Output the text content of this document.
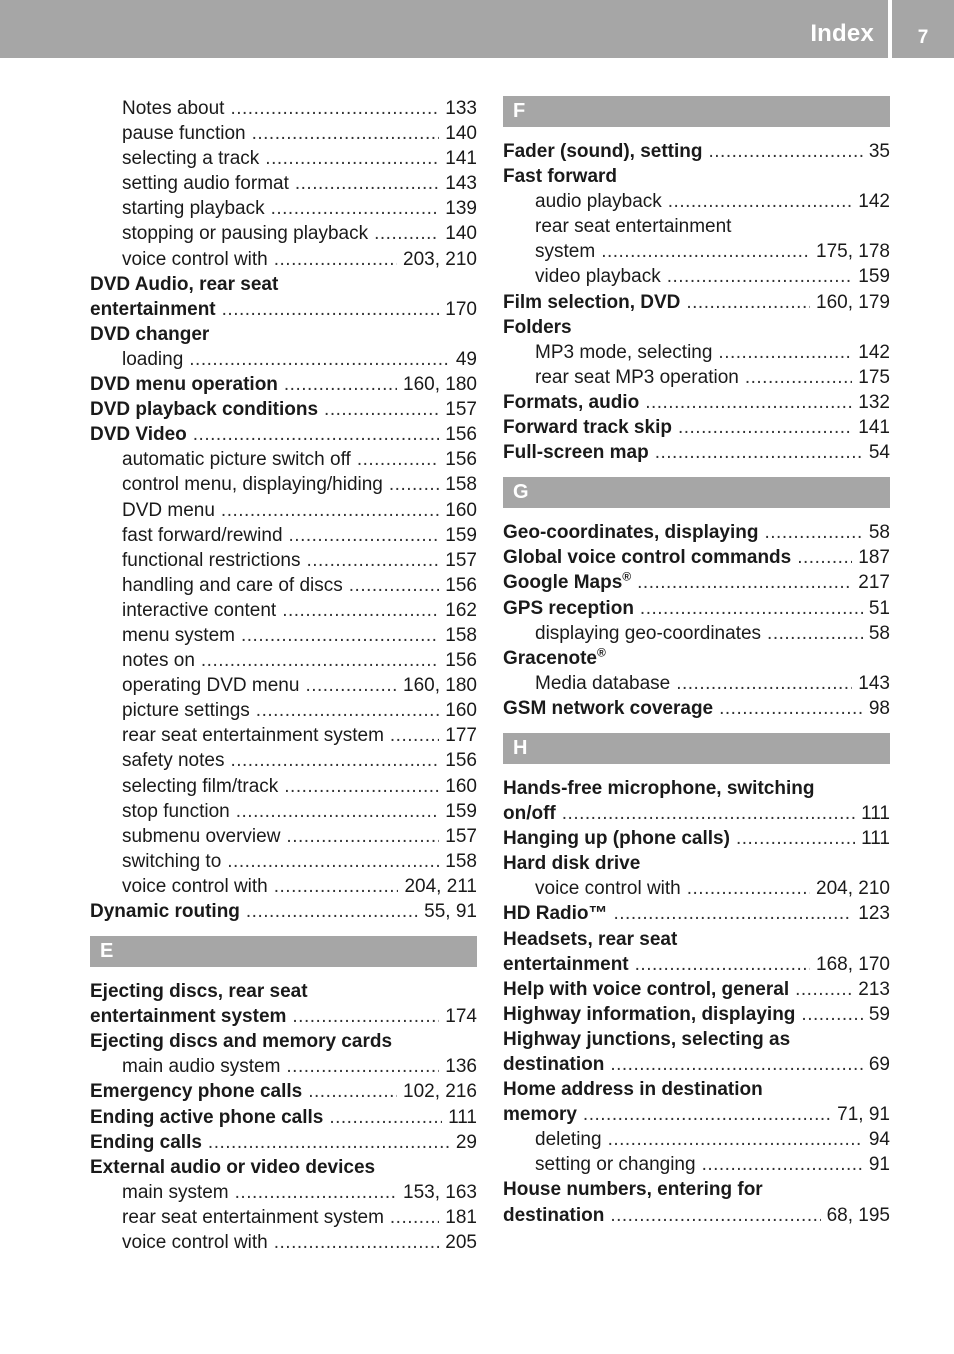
Index	7
Notes about .....	133
pause function .....	140
selecting a track .....	141
setting audio format .....	143
starting playback .....	139
stopping or pausing playback .....	140
voice control with .....	203, 210
DVD Audio, rear seat
entertainment .....	170
DVD changer
loading .....	49
DVD menu operation .....	160, 180
DVD playback conditions .....	157
DVD Video .....	156
automatic picture switch off .....	156
control menu, displaying/hiding .....	158
DVD menu .....	160
fast forward/rewind .....	159
functional restrictions .....	157
handling and care of discs .....	156
interactive content .....	162
menu system .....	158
notes on .....	156
operating DVD menu .....	160, 180
picture settings .....	160
rear seat entertainment system .....	177
safety notes .....	156
selecting film/track .....	160
stop function .....	159
submenu overview .....	157
switching to .....	158
voice control with .....	204, 211
Dynamic routing .....	55, 91
E
Ejecting discs, rear seat
entertainment system .....	174
Ejecting discs and memory cards
main audio system .....	136
Emergency phone calls .....	102, 216
Ending active phone calls .....	111
Ending calls .....	29
External audio or video devices
main system .....	153, 163
rear seat entertainment system .....	181
voice control with .....	205
F
Fader (sound), setting .....	35
Fast forward
audio playback .....	142
rear seat entertainment
system .....	175, 178
video playback .....	159
Film selection, DVD .....	160, 179
Folders
MP3 mode, selecting .....	142
rear seat MP3 operation .....	175
Formats, audio .....	132
Forward track skip .....	141
Full-screen map .....	54
G
Geo-coordinates, displaying .....	58
Global voice control commands .....	187
Google Maps® .....	217
GPS reception .....	51
displaying geo-coordinates .....	58
Gracenote®
Media database .....	143
GSM network coverage .....	98
H
Hands-free microphone, switching
on/off .....	111
Hanging up (phone calls) .....	111
Hard disk drive
voice control with .....	204, 210
HD Radio™ .....	123
Headsets, rear seat
entertainment .....	168, 170
Help with voice control, general .....	213
Highway information, displaying .....	59
Highway junctions, selecting as
destination .....	69
Home address in destination
memory .....	71, 91
deleting .....	94
setting or changing .....	91
House numbers, entering for
destination .....	68, 195
